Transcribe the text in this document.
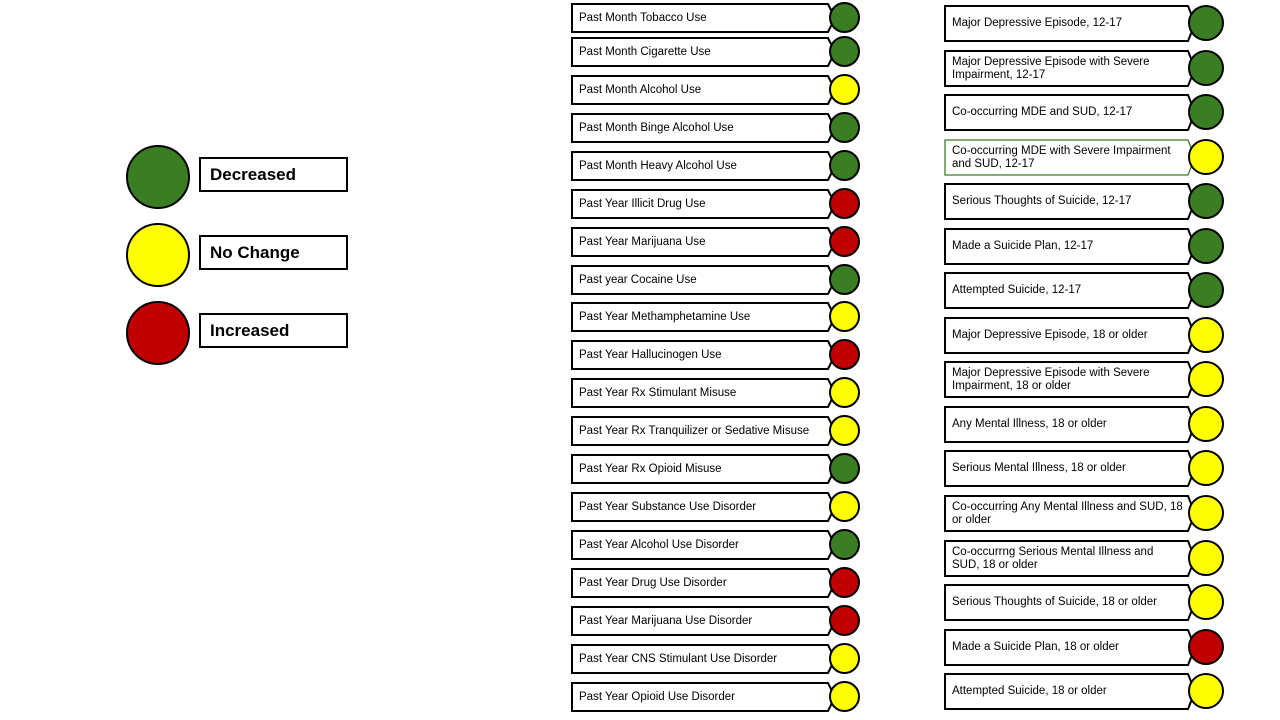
Decreased
No Change
Increased
Past Month Tobacco Use
Past Month Cigarette Use
Past Month Alcohol Use
Past Month Binge Alcohol Use
Past Month Heavy Alcohol Use
Past Year Illicit Drug Use
Past Year Marijuana Use
Past year Cocaine Use
Past Year Methamphetamine Use
Past Year Hallucinogen Use
Past Year Rx Stimulant Misuse
Past Year Rx Tranquilizer or Sedative Misuse
Past Year Rx Opioid Misuse
Past Year Substance Use Disorder
Past Year Alcohol Use Disorder
Past Year Drug Use Disorder
Past Year Marijuana Use Disorder
Past Year CNS Stimulant Use Disorder
Past Year Opioid Use Disorder
Major Depressive Episode, 12-17
Major Depressive Episode with Severe Impairment, 12-17
Co-occurring MDE and SUD, 12-17
Co-occurring MDE with Severe Impairment and SUD, 12-17
Serious Thoughts of Suicide, 12-17
Made a Suicide Plan, 12-17
Attempted Suicide, 12-17
Major Depressive Episode, 18 or older
Major Depressive Episode with Severe Impairment, 18 or older
Any Mental Illness, 18 or older
Serious Mental Illness, 18 or older
Co-occurring Any Mental Illness and SUD, 18 or older
Co-occurrng Serious Mental Illness and SUD, 18 or older
Serious Thoughts of Suicide, 18 or older
Made a Suicide Plan, 18 or older
Attempted Suicide, 18 or older
